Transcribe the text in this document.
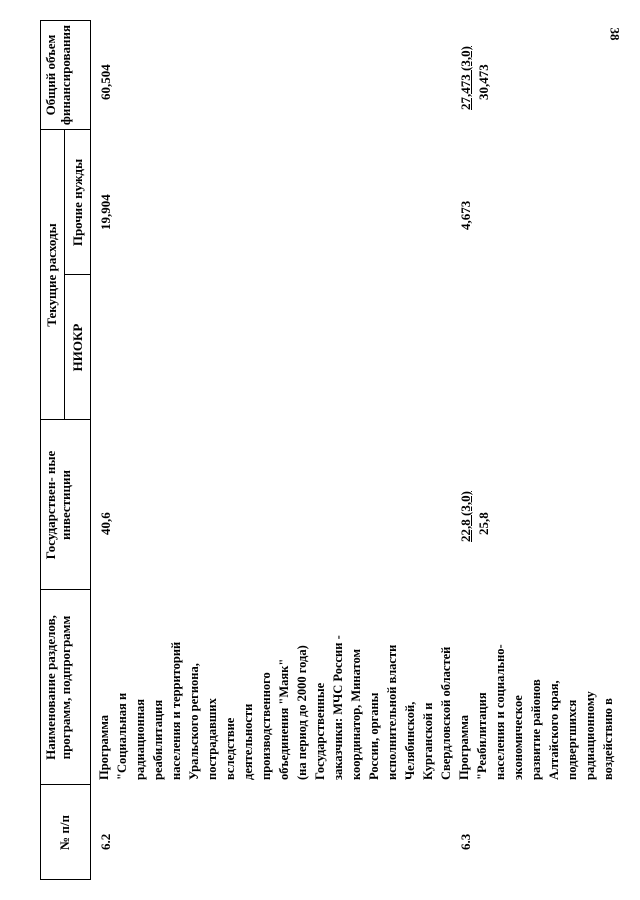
38
№ п/п
Наименование разделов, программ, подпрограмм
Государствен- ные инвестиции
Текущие расходы
НИОКР
Прочие нужды
Общий объем финансирования
6.2
Программа "Социальная и радиационная реабилитация населения и территорий Уральского региона, пострадавших вследствие деятельности производственного объединения "Маяк" (на период до 2000 года) Государственные заказчики: МЧС России - координатор, Минатом России, органы исполнительной власти Челябинской, Курганской и Свердловской областей
40,6
19,904
60,504
6.3
Программа "Реабилитация населения и социально- экономическое развитие районов Алтайского края, подвергшихся радиационному воздействию в
22,8 (3,0) 25,8
4,673
27,473 (3,0) 30,473
